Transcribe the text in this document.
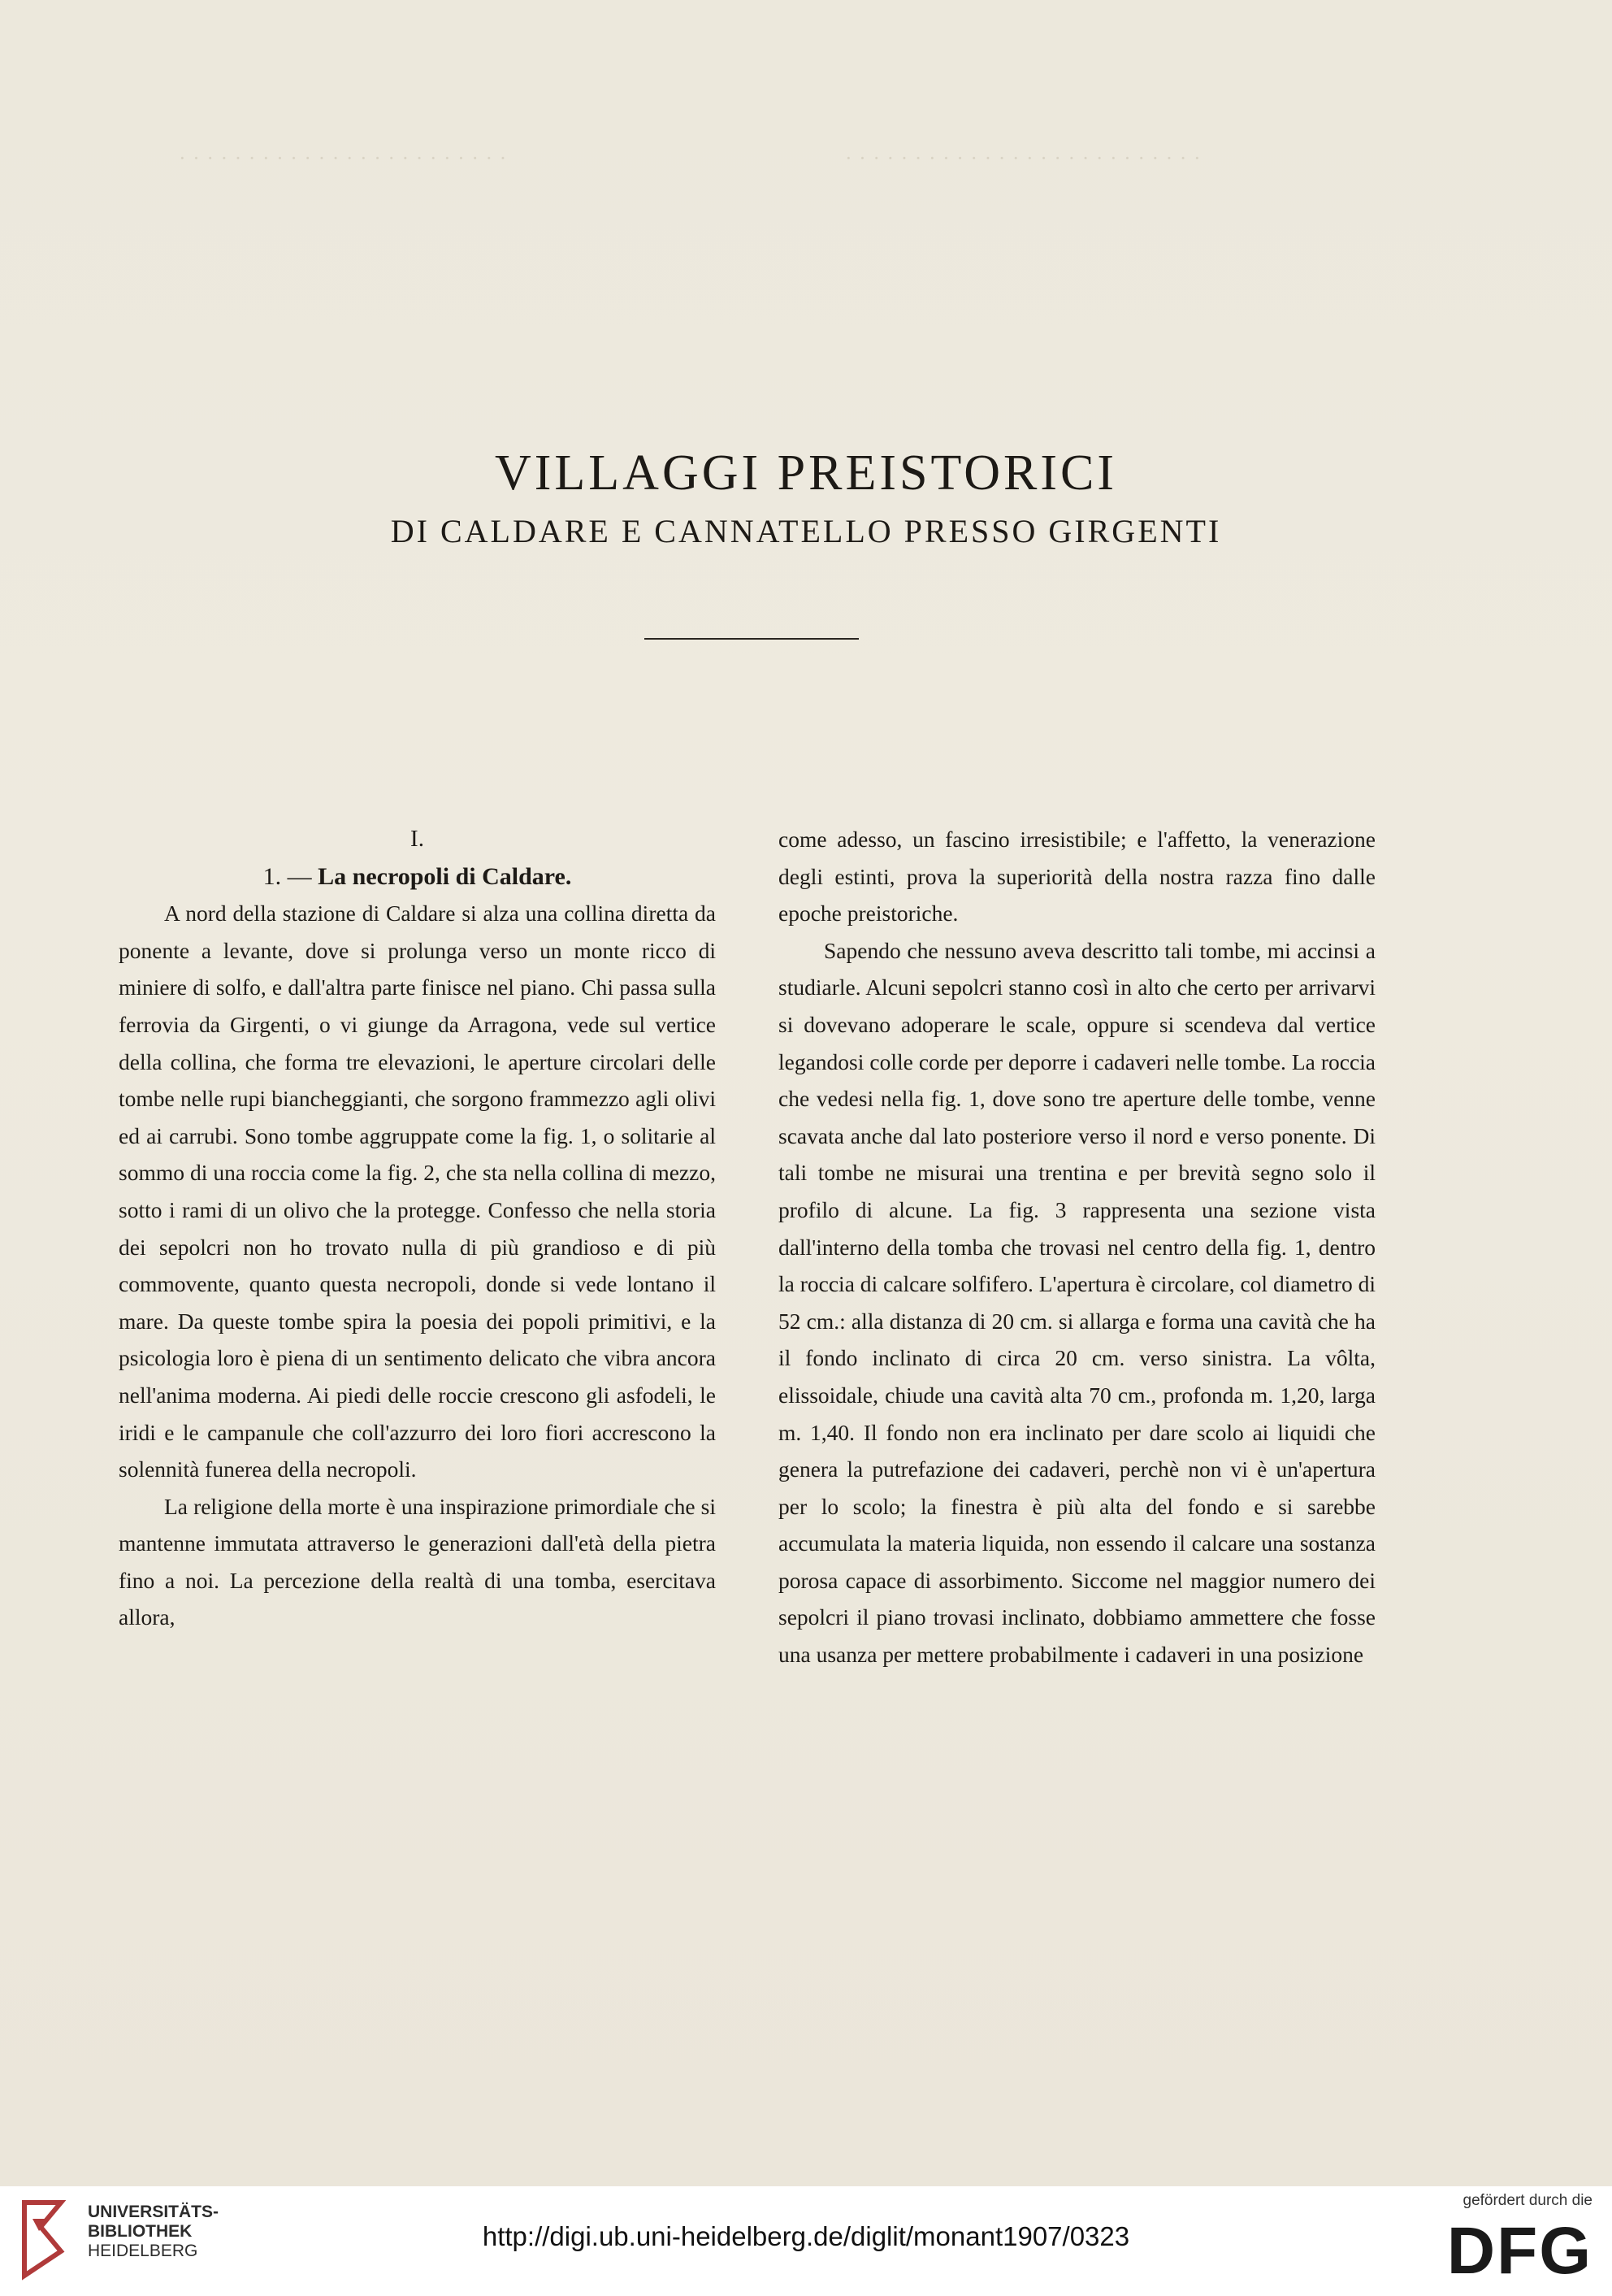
· · · · · · · · · · · · · · · · · · · · · · · ·	· · · · · · · · · · · · · · · · · · · · · · · · · ·
VILLAGGI PREISTORICI
DI CALDARE E CANNATELLO PRESSO GIRGENTI

I.

1. — La necropoli di Caldare.

A nord della stazione di Caldare si alza una collina diretta da ponente a levante, dove si prolunga verso un monte ricco di miniere di solfo, e dall'altra parte finisce nel piano. Chi passa sulla ferrovia da Girgenti, o vi giunge da Arragona, vede sul vertice della collina, che forma tre elevazioni, le aperture circolari delle tombe nelle rupi biancheggianti, che sorgono frammezzo agli olivi ed ai carrubi. Sono tombe aggruppate come la fig. 1, o solitarie al sommo di una roccia come la fig. 2, che sta nella collina di mezzo, sotto i rami di un olivo che la protegge. Confesso che nella storia dei sepolcri non ho trovato nulla di più grandioso e di più commovente, quanto questa necropoli, donde si vede lontano il mare. Da queste tombe spira la poesia dei popoli primitivi, e la psicologia loro è piena di un sentimento delicato che vibra ancora nell'anima moderna. Ai piedi delle roccie crescono gli asfodeli, le iridi e le campanule che coll'azzurro dei loro fiori accrescono la solennità funerea della necropoli.

La religione della morte è una inspirazione primordiale che si mantenne immutata attraverso le generazioni dall'età della pietra fino a noi. La percezione della realtà di una tomba, esercitava allora,

come adesso, un fascino irresistibile; e l'affetto, la venerazione degli estinti, prova la superiorità della nostra razza fino dalle epoche preistoriche.

Sapendo che nessuno aveva descritto tali tombe, mi accinsi a studiarle. Alcuni sepolcri stanno così in alto che certo per arrivarvi si dovevano adoperare le scale, oppure si scendeva dal vertice legandosi colle corde per deporre i cadaveri nelle tombe. La roccia che vedesi nella fig. 1, dove sono tre aperture delle tombe, venne scavata anche dal lato posteriore verso il nord e verso ponente. Di tali tombe ne misurai una trentina e per brevità segno solo il profilo di alcune. La fig. 3 rappresenta una sezione vista dall'interno della tomba che trovasi nel centro della fig. 1, dentro la roccia di calcare solfifero. L'apertura è circolare, col diametro di 52 cm.: alla distanza di 20 cm. si allarga e forma una cavità che ha il fondo inclinato di circa 20 cm. verso sinistra. La vôlta, elissoidale, chiude una cavità alta 70 cm., profonda m. 1,20, larga m. 1,40. Il fondo non era inclinato per dare scolo ai liquidi che genera la putrefazione dei cadaveri, perchè non vi è un'apertura per lo scolo; la finestra è più alta del fondo e si sarebbe accumulata la materia liquida, non essendo il calcare una sostanza porosa capace di assorbimento. Siccome nel maggior numero dei sepolcri il piano trovasi inclinato, dobbiamo ammettere che fosse una usanza per mettere probabilmente i cadaveri in una posizione

UNIVERSITÄTS-
BIBLIOTHEK
HEIDELBERG	http://digi.ub.uni-heidelberg.de/diglit/monant1907/0323
gefördert durch die
DFG
